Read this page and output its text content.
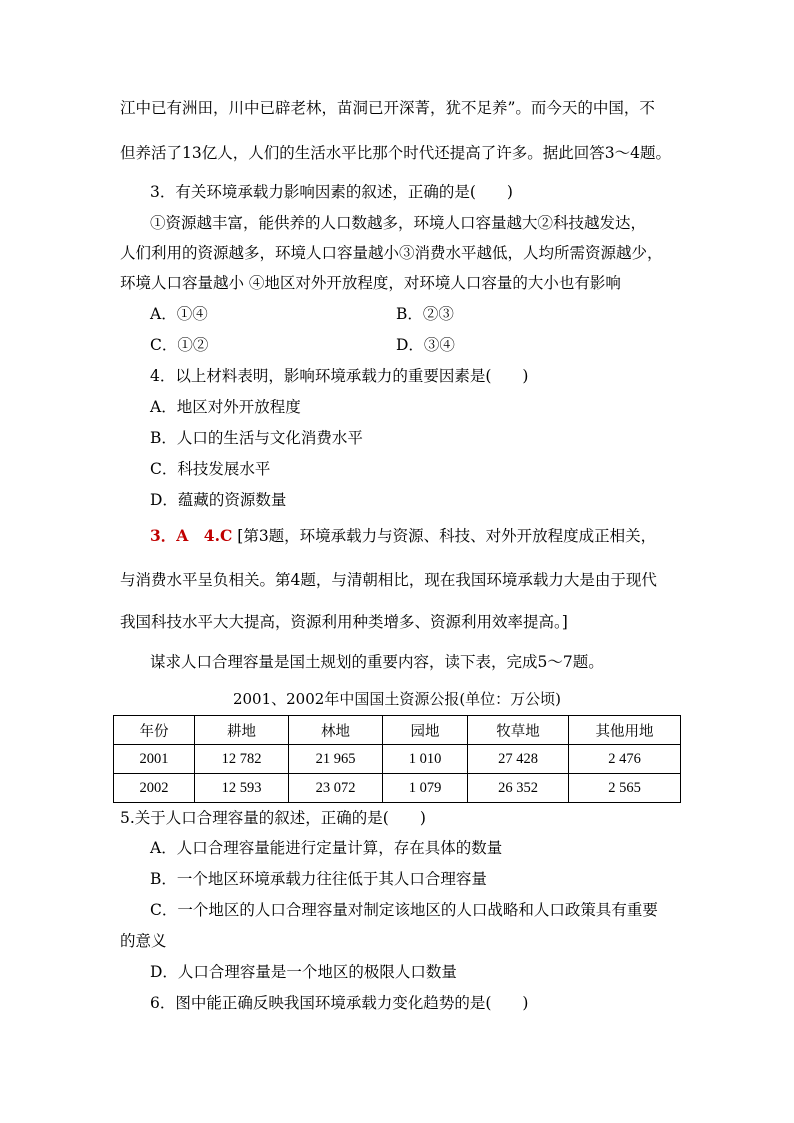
江中已有洲田，川中已辟老林，苗洞已开深菁，犹不足养”。而今天的中国，不
但养活了13亿人，人们的生活水平比那个时代还提高了许多。据此回答3～4题。
3．有关环境承载力影响因素的叙述，正确的是(　　)
①资源越丰富，能供养的人口数越多，环境人口容量越大②科技越发达，
人们利用的资源越多，环境人口容量越小③消费水平越低，人均所需资源越少，
环境人口容量越小 ④地区对外开放程度，对环境人口容量的大小也有影响
A．①④	B．②③
C．①②	D．③④
4．以上材料表明，影响环境承载力的重要因素是(　　)
A．地区对外开放程度
B．人口的生活与文化消费水平
C．科技发展水平
D．蕴藏的资源数量
3．A　4.C [第3题，环境承载力与资源、科技、对外开放程度成正相关，
与消费水平呈负相关。第4题，与清朝相比，现在我国环境承载力大是由于现代
我国科技水平大大提高，资源利用种类增多、资源利用效率提高。]
谋求人口合理容量是国土规划的重要内容，读下表，完成5～7题。
2001、2002年中国国土资源公报(单位：万公顷)
年份	耕地	林地	园地	牧草地	其他用地
2001	12 782	21 965	1 010	27 428	2 476
2002	12 593	23 072	1 079	26 352	2 565
5.关于人口合理容量的叙述，正确的是(　　)
A．人口合理容量能进行定量计算，存在具体的数量
B．一个地区环境承载力往往低于其人口合理容量
C．一个地区的人口合理容量对制定该地区的人口战略和人口政策具有重要
的意义
D．人口合理容量是一个地区的极限人口数量
6．图中能正确反映我国环境承载力变化趋势的是(　　)
